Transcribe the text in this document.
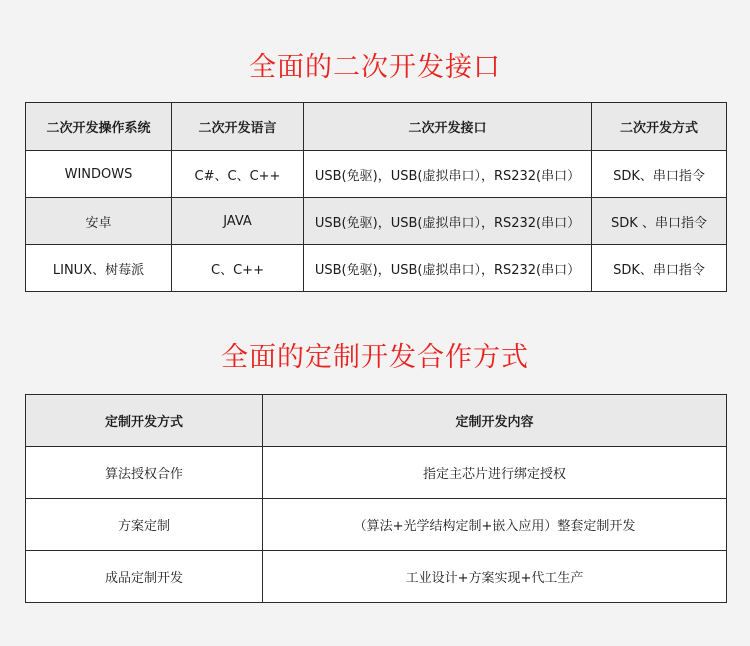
全面的二次开发接口
二次开发操作系统	二次开发语言	二次开发接口	二次开发方式
WINDOWS	C#、C、C++	USB(免驱)，USB(虚拟串口），RS232(串口）	SDK、串口指令
安卓	JAVA	USB(免驱)，USB(虚拟串口），RS232(串口）	SDK 、串口指令
LINUX、树莓派	C、C++	USB(免驱)，USB(虚拟串口），RS232(串口）	SDK、串口指令
全面的定制开发合作方式
定制开发方式	定制开发内容
算法授权合作	指定主芯片进行绑定授权
方案定制	（算法+光学结构定制+嵌入应用）整套定制开发
成品定制开发	工业设计+方案实现+代工生产
